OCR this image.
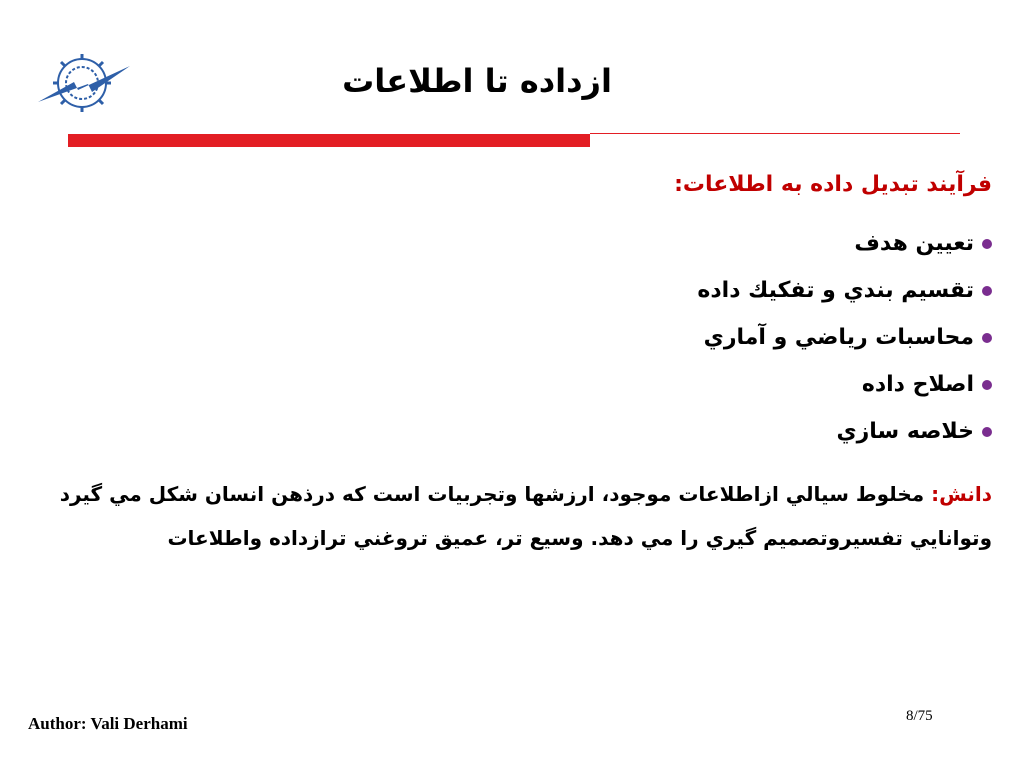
ازداده تا اطلاعات
فرآيند تبديل داده به اطلاعات:
تعيين هدف
تقسيم بندي و تفكيك داده
محاسبات رياضي و آماري
اصلاح داده
خلاصه سازي
دانش: مخلوط سيالي ازاطلاعات موجود، ارزشها وتجربيات است كه درذهن انسان شكل مي گيرد وتوانايي تفسيروتصميم گيري را مي دهد. وسيع تر، عميق تروغني ترازداده واطلاعات
Author: Vali Derhami	8/75
